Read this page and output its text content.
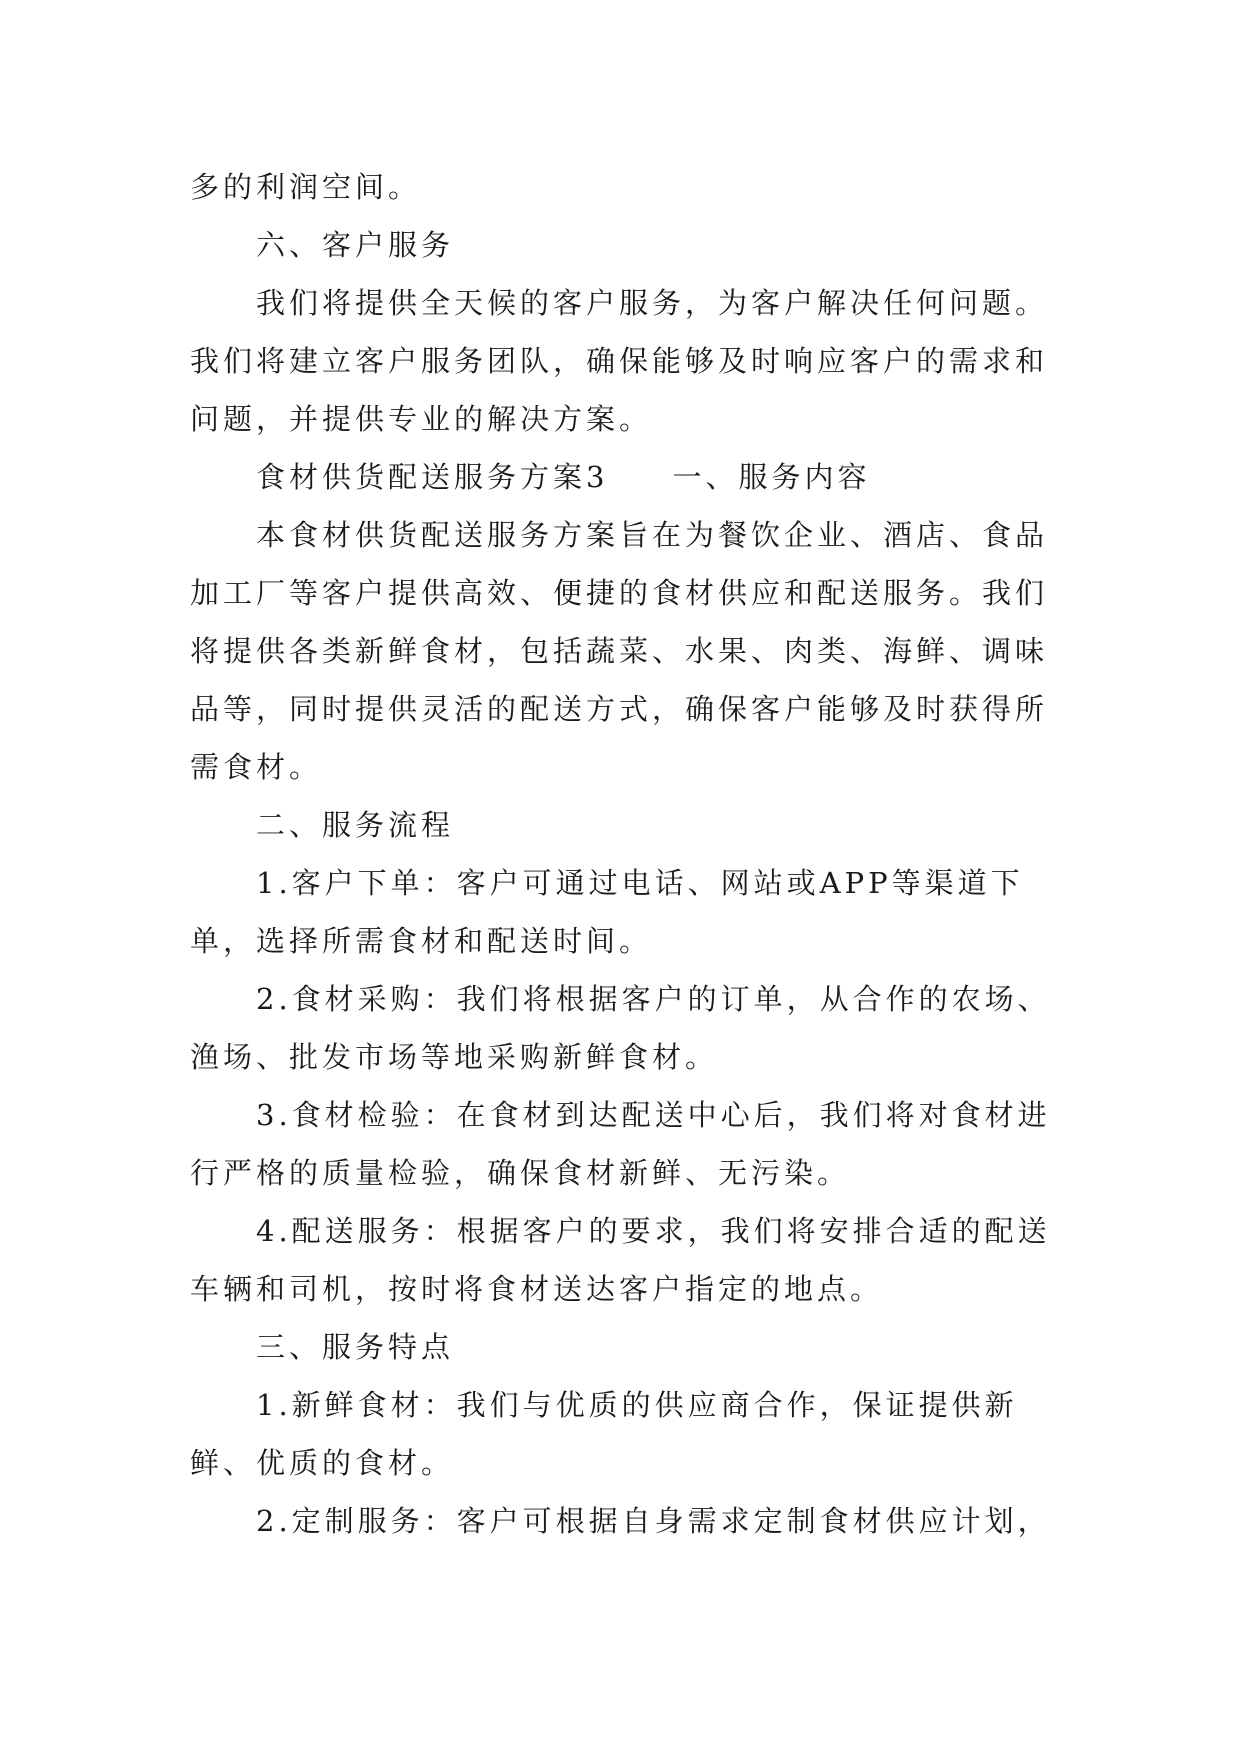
多的利润空间。

六、客户服务

我们将提供全天候的客户服务，为客户解决任何问题。我们将建立客户服务团队，确保能够及时响应客户的需求和问题，并提供专业的解决方案。

食材供货配送服务方案3 一、服务内容

本食材供货配送服务方案旨在为餐饮企业、酒店、食品加工厂等客户提供高效、便捷的食材供应和配送服务。我们将提供各类新鲜食材，包括蔬菜、水果、肉类、海鲜、调味品等，同时提供灵活的配送方式，确保客户能够及时获得所需食材。

二、服务流程

1.客户下单：客户可通过电话、网站或APP等渠道下单，选择所需食材和配送时间。

2.食材采购：我们将根据客户的订单，从合作的农场、渔场、批发市场等地采购新鲜食材。

3.食材检验：在食材到达配送中心后，我们将对食材进行严格的质量检验，确保食材新鲜、无污染。

4.配送服务：根据客户的要求，我们将安排合适的配送车辆和司机，按时将食材送达客户指定的地点。

三、服务特点

1.新鲜食材：我们与优质的供应商合作，保证提供新鲜、优质的食材。

2.定制服务：客户可根据自身需求定制食材供应计划，
